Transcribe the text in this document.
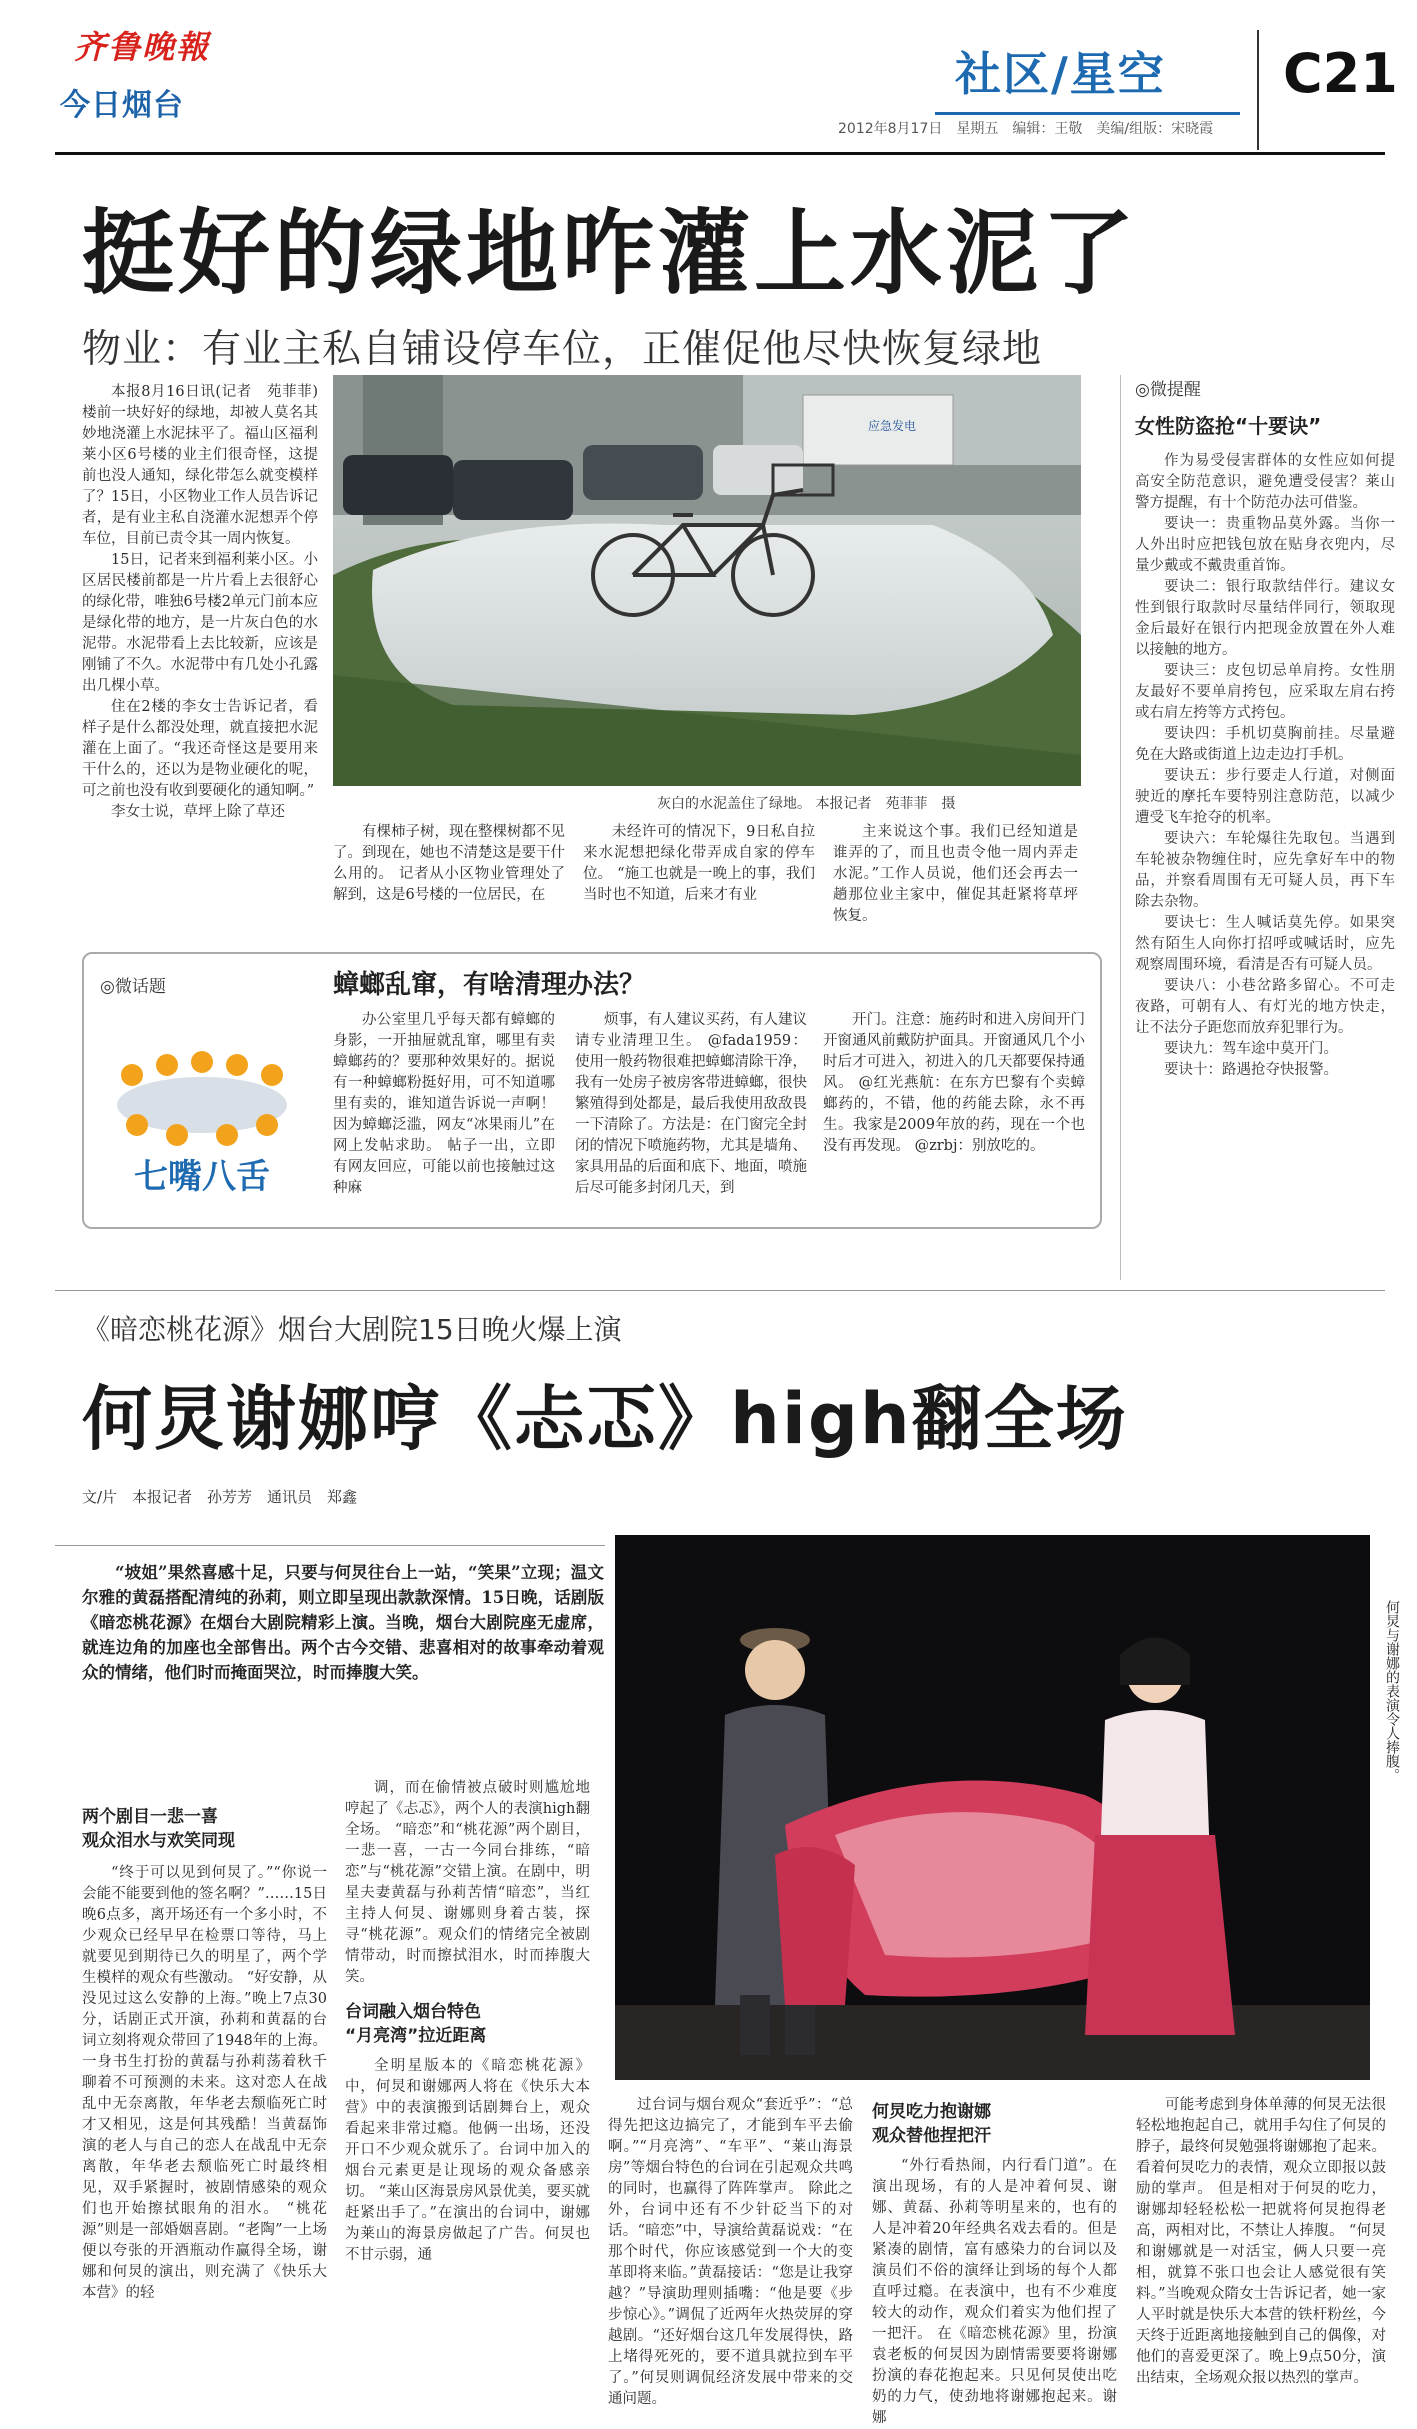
齐鲁晚報
今日烟台
社区/星空
2012年8月17日　星期五　编辑：王敬　美编/组版：宋晓霞
C21
挺好的绿地咋灌上水泥了
物业：有业主私自铺设停车位，正催促他尽快恢复绿地

本报8月16日讯(记者　苑菲菲)　楼前一块好好的绿地，却被人莫名其妙地浇灌上水泥抹平了。福山区福利莱小区6号楼的业主们很奇怪，这提前也没人通知，绿化带怎么就变模样了？15日，小区物业工作人员告诉记者，是有业主私自浇灌水泥想弄个停车位，目前已责令其一周内恢复。

15日，记者来到福利莱小区。小区居民楼前都是一片片看上去很舒心的绿化带，唯独6号楼2单元门前本应是绿化带的地方，是一片灰白色的水泥带。水泥带看上去比较新，应该是刚铺了不久。水泥带中有几处小孔露出几棵小草。

住在2楼的李女士告诉记者，看样子是什么都没处理，就直接把水泥灌在上面了。“我还奇怪这是要用来干什么的，还以为是物业硬化的呢，可之前也没有收到要硬化的通知啊。”

李女士说，草坪上除了草还

应急发电
灰白的水泥盖住了绿地。 本报记者　苑菲菲　摄

有棵柿子树，现在整棵树都不见了。到现在，她也不清楚这是要干什么用的。 记者从小区物业管理处了解到，这是6号楼的一位居民，在

未经许可的情况下，9日私自拉来水泥想把绿化带弄成自家的停车位。 “施工也就是一晚上的事，我们当时也不知道，后来才有业

主来说这个事。我们已经知道是谁弄的了，而且也责令他一周内弄走水泥。”工作人员说，他们还会再去一趟那位业主家中，催促其赶紧将草坪恢复。

◎微提醒
女性防盗抢“十要诀”

作为易受侵害群体的女性应如何提高安全防范意识，避免遭受侵害？莱山警方提醒，有十个防范办法可借鉴。

要诀一：贵重物品莫外露。当你一人外出时应把钱包放在贴身衣兜内，尽量少戴或不戴贵重首饰。

要诀二：银行取款结伴行。建议女性到银行取款时尽量结伴同行，领取现金后最好在银行内把现金放置在外人难以接触的地方。

要诀三：皮包切忌单肩挎。女性朋友最好不要单肩挎包，应采取左肩右挎或右肩左挎等方式挎包。

要诀四：手机切莫胸前挂。尽量避免在大路或街道上边走边打手机。

要诀五：步行要走人行道，对侧面驶近的摩托车要特别注意防范，以减少遭受飞车抢夺的机率。

要诀六：车轮爆往先取包。当遇到车轮被杂物缠住时，应先拿好车中的物品，并察看周围有无可疑人员，再下车除去杂物。

要诀七：生人喊话莫先停。如果突然有陌生人向你打招呼或喊话时，应先观察周围环境，看清是否有可疑人员。

要诀八：小巷岔路多留心。不可走夜路，可朝有人、有灯光的地方快走，让不法分子距您而放弃犯罪行为。

要诀九：驾车途中莫开门。

要诀十：路遇抢夺快报警。

◎微话题
七嘴八舌
蟑螂乱窜，有啥清理办法？

办公室里几乎每天都有蟑螂的身影，一开抽屉就乱窜，哪里有卖蟑螂药的？要那种效果好的。据说有一种蟑螂粉挺好用，可不知道哪里有卖的，谁知道告诉说一声啊！ 因为蟑螂泛滥，网友“冰果雨儿”在网上发帖求助。 帖子一出，立即有网友回应，可能以前也接触过这种麻

烦事，有人建议买药，有人建议请专业清理卫生。 @fada1959：使用一般药物很难把蟑螂清除干净，我有一处房子被房客带进蟑螂，很快繁殖得到处都是，最后我使用敌敌畏一下清除了。方法是：在门窗完全封闭的情况下喷施药物，尤其是墙角、家具用品的后面和底下、地面，喷施后尽可能多封闭几天，到

开门。注意：施药时和进入房间开门开窗通风前戴防护面具。开窗通风几个小时后才可进入，初进入的几天都要保持通风。 @红光燕航：在东方巴黎有个卖蟑螂药的，不错，他的药能去除，永不再生。我家是2009年放的药，现在一个也没有再发现。 @zrbj：别放吃的。

《暗恋桃花源》烟台大剧院15日晚火爆上演
何炅谢娜哼《忐忑》high翻全场
文/片　本报记者　孙芳芳　通讯员　郑鑫

“坡姐”果然喜感十足，只要与何炅往台上一站，“笑果”立现；温文尔雅的黄磊搭配清纯的孙莉，则立即呈现出款款深情。15日晚，话剧版《暗恋桃花源》在烟台大剧院精彩上演。当晚，烟台大剧院座无虚席，就连边角的加座也全部售出。两个古今交错、悲喜相对的故事牵动着观众的情绪，他们时而掩面哭泣，时而捧腹大笑。	何炅与谢娜的表演令人捧腹。
两个剧目一悲一喜
观众泪水与欢笑同现

“终于可以见到何炅了。”“你说一会能不能要到他的签名啊？”……15日晚6点多，离开场还有一个多小时，不少观众已经早早在检票口等待，马上就要见到期待已久的明星了，两个学生模样的观众有些激动。 “好安静，从没见过这么安静的上海。”晚上7点30分，话剧正式开演，孙莉和黄磊的台词立刻将观众带回了1948年的上海。一身书生打扮的黄磊与孙莉荡着秋千聊着不可预测的未来。这对恋人在战乱中无奈离散，年华老去颓临死亡时才又相见，这是何其残酷！当黄磊饰演的老人与自己的恋人在战乱中无奈离散，年华老去颓临死亡时最终相见，双手紧握时，被剧情感染的观众们也开始擦拭眼角的泪水。 “桃花源”则是一部婚姻喜剧。“老陶”一上场便以夸张的开酒瓶动作赢得全场，谢娜和何炅的演出，则充满了《快乐大本营》的轻

调，而在偷情被点破时则尴尬地哼起了《忐忑》，两个人的表演high翻全场。 “暗恋”和“桃花源”两个剧目，一悲一喜，一古一今同台排练，“暗恋”与“桃花源”交错上演。在剧中，明星夫妻黄磊与孙莉苦情“暗恋”，当红主持人何炅、谢娜则身着古装，探寻“桃花源”。观众们的情绪完全被剧情带动，时而擦拭泪水，时而捧腹大笑。

台词融入烟台特色
“月亮湾”拉近距离

全明星版本的《暗恋桃花源》中，何炅和谢娜两人将在《快乐大本营》中的表演搬到话剧舞台上，观众看起来非常过瘾。他俩一出场，还没开口不少观众就乐了。台词中加入的烟台元素更是让现场的观众备感亲切。 “莱山区海景房风景优美，要买就赶紧出手了。”在演出的台词中，谢娜为莱山的海景房做起了广告。何炅也不甘示弱，通

过台词与烟台观众“套近乎”：“总得先把这边搞完了，才能到车平去偷啊。”“月亮湾”、“车平”、“莱山海景房”等烟台特色的台词在引起观众共鸣的同时，也赢得了阵阵掌声。 除此之外，台词中还有不少针砭当下的对话。“暗恋”中，导演给黄磊说戏：“在那个时代，你应该感觉到一个大的变革即将来临。”黄磊接话：“您是让我穿越？”导演助理则插嘴：“他是要《步步惊心》。”调侃了近两年火热荧屏的穿越剧。“还好烟台这几年发展得快，路上堵得死死的，要不道具就拉到车平了。”何炅则调侃经济发展中带来的交通问题。

何炅吃力抱谢娜
观众替他捏把汗

“外行看热闹，内行看门道”。在演出现场，有的人是冲着何炅、谢娜、黄磊、孙莉等明星来的，也有的人是冲着20年经典名戏去看的。但是紧凑的剧情，富有感染力的台词以及演员们不俗的演绎让到场的每个人都直呼过瘾。在表演中，也有不少难度较大的动作，观众们着实为他们捏了一把汗。 在《暗恋桃花源》里，扮演袁老板的何炅因为剧情需要要将谢娜扮演的春花抱起来。只见何炅使出吃奶的力气，使劲地将谢娜抱起来。谢娜

可能考虑到身体单薄的何炅无法很轻松地抱起自己，就用手勾住了何炅的脖子，最终何炅勉强将谢娜抱了起来。看着何炅吃力的表情，观众立即报以鼓励的掌声。 但是相对于何炅的吃力，谢娜却轻轻松松一把就将何炅抱得老高，两相对比，不禁让人捧腹。 “何炅和谢娜就是一对活宝，俩人只要一亮相，就算不张口也会让人感觉很有笑料。”当晚观众隋女士告诉记者，她一家人平时就是快乐大本营的铁杆粉丝，今天终于近距离地接触到自己的偶像，对他们的喜爱更深了。晚上9点50分，演出结束，全场观众报以热烈的掌声。
